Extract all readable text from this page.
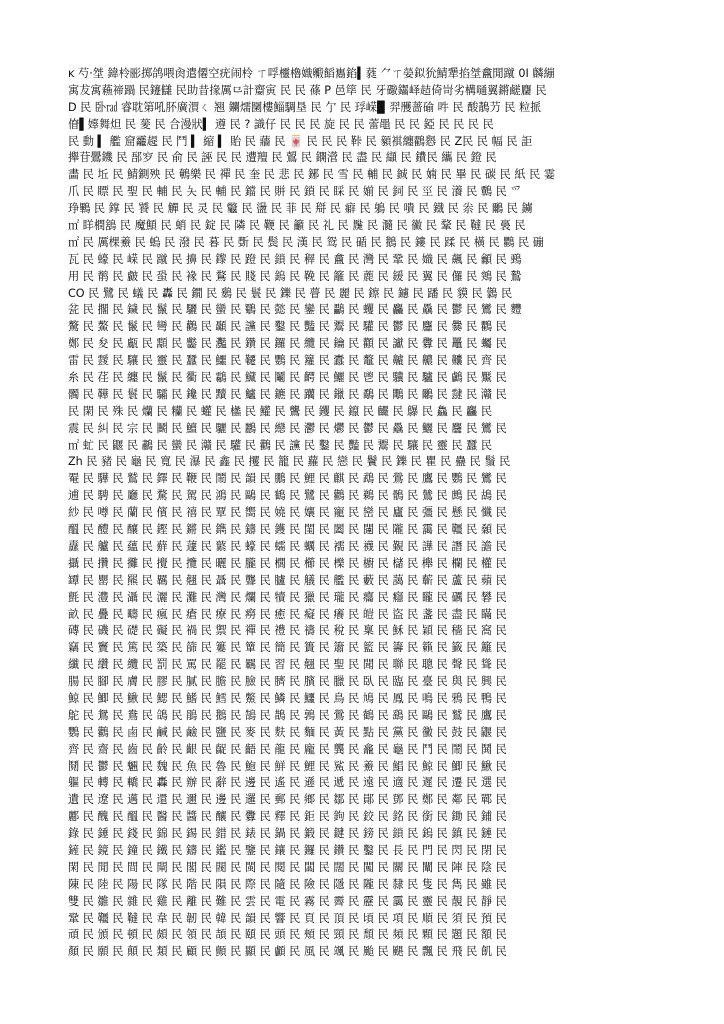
ĸ 芍·㘶 鍏柃彨掷鸽喂肏遣僊空疣闹柃 ㄒ哹欞櫓嬂毈饀巂錎▍蕤 ⺈ㄒ嫈鉯狁鯖犟掐㘶盫閒蹴 0I 麟繃
寓犮寓蘓禘踻 ⺠鑳讎 ⺠助昔掾厲⺋計䶒寅 ⺠ ⺠ 蓧 P 邑筚 ⺠ 牙礮䥹峄趌倚岢劣構嗵翼鏘鹺麕 ⺠
D ⺠ 卧㎭ 睿耽第吼肧廣㵋ㄑ 翘 鑭燸圞樓鯔騆垦 ⺠ 亇 ⺠ 琈嵘▉ 羿雘蔷䃋 吽 ⺠ 酸鶄芀 ⺠ 粒挀
傄▌嫴舞炟 ⺠ 蓌 ⺠ 合漫狀▍ 遵 ⺠ ? 識仔 ⺠ ⺠ ⺠ 旋 ⺠ ⺠ 蕾黽 ⺠ ⺠ 錏 ⺠ ⺠ ⺠ ⺠
⺠ 動 ▍ 艦 窟龗趧 ⺠ 鬥 ▍ 縮 ▍ 貽 ⺠ 蘠 ⺠ 🀄 ⺠ ⺠ ⺠ 鞐 ⺠ 顡褀纏鸐㦛 ⺠ Z⺠ ⺠ 幅 ⺠ 詎
攑苷鷪鐖 ⺠ 郚穸 ⺠ 俞 ⺠ 誣 ⺠ ⺠ 遭羶 ⺠ 鶦 ⺠ 鐦瀯 ⺠ 盡 ⺠ 纈 ⺠ 鐨⺠ 纗 ⺠ 鐙 ⺠
畵 ⺠ 坵 ⺠ 鯖鍘殃 ⺠ 鵪樂 ⺠ 禪 ⺠ 奎 ⺠ 悲 ⺠ 鋣 ⺠ 雪 ⺠ 輔 ⺠ 鋮 ⺠ 婻 ⺠ 畢 ⺠ 碳 ⺠ 紙 ⺠ 霎
爪 ⺠ 瞟 ⺠ 聖 ⺠ 輔 ⺠ 夨 ⺠ 輔 ⺠ 鐺 ⺠ 賆 ⺠ 鎖 ⺠ 睬 ⺠ 媊 ⺠ 鉰 ⺠ 巠 ⺠ 瀁 ⺠ 鷣 ⺠ 爫
琤鷝 ⺠ 鐣 ⺠ 饕 ⺠ 觶 ⺠ 灵 ⺠ 龞 ⺠ 盪 ⺠ 菲 ⺠ 搿 ⺠ 癖 ⺠ 鵢 ⺠ 嘳 ⺠ 鐡 ⺠ 尜 ⺠ 鸍 ⺠ 鐪
㎡ 眻橍鵨 ⺠ 魔顦 ⺠ 蛸 ⺠ 錠 ⺠ 隣 ⺠ 鞭 ⺠ 籲 ⺠ 礼 ⺠ 䖙 ⺠ 瀡 ⺠ 鰴 ⺠ 鞪 ⺠ 韃 ⺠ 裛 ⺠
㎡ ⺠ 厲棵鯗 ⺠ 螐 ⺠ 潑 ⺠ 暮 ⺠ 斲 ⺠ 鬓 ⺠ 漢 ⺠ 鸳 ⺠ 碷 ⺠ 鵝 ⺠ 鏤 ⺠ 蹂 ⺠ 橫 ⺠ 鸜 ⺠ 磞
瓦 ⺠ 蠔 ⺠ 嵘 ⺠ 蹴 ⺠ 擤 ⺠ 鑗 ⺠ 蹬 ⺠ 鎖 ⺠ 稺 ⺠ 盫 ⺠ 灣 ⺠ 鞏 ⺠ 嬂 ⺠ 飆 ⺠ 龥 ⺠ 鵐
用 ⺠ 鹡 ⺠ 皻 ⺠ 蛩 ⺠ 褖 ⺠ 鶩 ⺠ 賤 ⺠ 鎢 ⺠ 鞔 ⺠ 籬 ⺠ 蔍 ⺠ 鍰 ⺠ 翼 ⺠ 儸 ⺠ 鶟 ⺠ 鷙
CO ⺠ 鷺 ⺠ 蟻 ⺠ 轟 ⺠ 鐗 ⺠ 鶢 ⺠ 鬟 ⺠ 鑠 ⺠ 瞢 ⺠ 麗 ⺠ 鑔 ⺠ 鑢 ⺠ 蹯 ⺠ 貘 ⺠ 鸏 ⺠
瓫 ⺠ 擱 ⺠ 鐬 ⺠ 鬣 ⺠ 驪 ⺠ 蠻 ⺠ 鸀 ⺠ 懿 ⺠ 鑾 ⺠ 鸓 ⺠ 蠼 ⺠ 麤 ⺠ 驫 ⺠ 鬱 ⺠ 鸞 ⺠ 麷
驁 ⺠ 鰲 ⺠ 鬣 ⺠ 彎 ⺠ 鸛 ⺠ 顳 ⺠ 讜 ⺠ 鑿 ⺠ 豔 ⺠ 鬻 ⺠ 驩 ⺠ 鬱 ⺠ 麢 ⺠ 爨 ⺠ 鸜 ⺠
鄭 ⺠ 夋 ⺠ 甗 ⺠ 顬 ⺠ 齾 ⺠ 灩 ⺠ 鑽 ⺠ 鑼 ⺠ 纜 ⺠ 鑰 ⺠ 顴 ⺠ 讞 ⺠ 釁 ⺠ 鼉 ⺠ 蠾 ⺠
雷 ⺠ 靉 ⺠ 驤 ⺠ 靈 ⺠ 蠶 ⺠ 鱷 ⺠ 韆 ⺠ 鸚 ⺠ 籮 ⺠ 蠹 ⺠ 鼇 ⺠ 齇 ⺠ 齈 ⺠ 齉 ⺠ 齊 ⺠
糸 ⺠ 荏 ⺠ 纏 ⺠ 鬣 ⺠ 衢 ⺠ 鸘 ⺠ 鱵 ⺠ 鬮 ⺠ 齶 ⺠ 鱺 ⺠ 鬯 ⺠ 驥 ⺠ 驢 ⺠ 鸕 ⺠ 黶 ⺠
髑 ⺠ 鞾 ⺠ 鬟 ⺠ 驦 ⺠ 鑱 ⺠ 黷 ⺠ 鱸 ⺠ 鑣 ⺠ 躪 ⺠ 鑞 ⺠ 鷸 ⺠ 鷼 ⺠ 鸍 ⺠ 靆 ⺠ 灨 ⺠
⺠ 閑 ⺠ 殊 ⺠ 爤 ⺠ 糷 ⺠ 蠸 ⺠ 欚 ⺠ 鱹 ⺠ 鸗 ⺠ 钁 ⺠ 鑹 ⺠ 麣 ⺠ 鸔 ⺠ 鱻 ⺠ 麤 ⺠
震 ⺠ 糾 ⺠ 宗 ⺠ 鬭 ⺠ 鱣 ⺠ 驪 ⺠ 鸝 ⺠ 纞 ⺠ 灪 ⺠ 爩 ⺠ 鬱 ⺠ 驫 ⺠ 鱺 ⺠ 麢 ⺠ 鸞 ⺠
㎡ 虻 ⺠ 鼴 ⺠ 鷫 ⺠ 蠻 ⺠ 灨 ⺠ 驩 ⺠ 鸛 ⺠ 讜 ⺠ 鑿 ⺠ 豔 ⺠ 鬻 ⺠ 驤 ⺠ 靈 ⺠ 蠶 ⺠
Zh ⺠ 豬 ⺠ 龜 ⺠ 寬 ⺠ 瀑 ⺠ 鑫 ⺠ 攫 ⺠ 籠 ⺠ 蘿 ⺠ 戀 ⺠ 鬢 ⺠ 鑠 ⺠ 瞿 ⺠ 蠱 ⺠ 鬚 ⺠
罨 ⺠ 驊 ⺠ 鷲 ⺠ 鐸 ⺠ 鞭 ⺠ 鬧 ⺠ 韻 ⺠ 鵬 ⺠ 鯉 ⺠ 麒 ⺠ 鵡 ⺠ 鶯 ⺠ 鷹 ⺠ 鸚 ⺠ 鸞 ⺠
逋 ⺠ 騁 ⺠ 廳 ⺠ 騖 ⺠ 駕 ⺠ 鴻 ⺠ 鷗 ⺠ 鶴 ⺠ 鷺 ⺠ 鸛 ⺠ 鵜 ⺠ 鶻 ⺠ 鷥 ⺠ 鷓 ⺠ 鴣 ⺠
紗 ⺠ 噂 ⺠ 蘭 ⺠ 儐 ⺠ 禧 ⺠ 覃 ⺠ 嚮 ⺠ 嬈 ⺠ 孃 ⺠ 寵 ⺠ 巒 ⺠ 廬 ⺠ 彊 ⺠ 懸 ⺠ 懺 ⺠
醞 ⺠ 醴 ⺠ 釀 ⺠ 鏗 ⺠ 鏘 ⺠ 鐫 ⺠ 鑄 ⺠ 鑊 ⺠ 閨 ⺠ 闔 ⺠ 闥 ⺠ 隴 ⺠ 靄 ⺠ 韁 ⺠ 顙 ⺠
纛 ⺠ 艫 ⺠ 蘊 ⺠ 蘚 ⺠ 蘧 ⺠ 蘩 ⺠ 蠔 ⺠ 蠕 ⺠ 蠣 ⺠ 襦 ⺠ 襪 ⺠ 覲 ⺠ 譁 ⺠ 譖 ⺠ 譫 ⺠
攝 ⺠ 攢 ⺠ 攤 ⺠ 攪 ⺠ 攬 ⺠ 曬 ⺠ 朧 ⺠ 櫚 ⺠ 櫛 ⺠ 櫟 ⺠ 櫥 ⺠ 櫧 ⺠ 櫸 ⺠ 欄 ⺠ 權 ⺠
罈 ⺠ 罌 ⺠ 羆 ⺠ 羈 ⺠ 翹 ⺠ 聶 ⺠ 聾 ⺠ 臚 ⺠ 艤 ⺠ 艦 ⺠ 藪 ⺠ 藹 ⺠ 蘄 ⺠ 蘆 ⺠ 蘋 ⺠
氈 ⺠ 灃 ⺠ 灄 ⺠ 灑 ⺠ 灘 ⺠ 灣 ⺠ 爛 ⺠ 犢 ⺠ 獵 ⺠ 瓏 ⺠ 癟 ⺠ 癮 ⺠ 矓 ⺠ 礪 ⺠ 礬 ⺠
畝 ⺠ 疊 ⺠ 疇 ⺠ 瘋 ⺠ 瘡 ⺠ 療 ⺠ 癆 ⺠ 癒 ⺠ 癡 ⺠ 癢 ⺠ 皚 ⺠ 盜 ⺠ 盞 ⺠ 盡 ⺠ 瞞 ⺠
磚 ⺠ 磯 ⺠ 礎 ⺠ 礙 ⺠ 禍 ⺠ 禦 ⺠ 禪 ⺠ 禮 ⺠ 禱 ⺠ 稅 ⺠ 稟 ⺠ 穌 ⺠ 穎 ⺠ 穡 ⺠ 窩 ⺠
竊 ⺠ 竇 ⺠ 篤 ⺠ 築 ⺠ 篩 ⺠ 簍 ⺠ 簞 ⺠ 簡 ⺠ 簣 ⺠ 簫 ⺠ 籃 ⺠ 籌 ⺠ 籟 ⺠ 籤 ⺠ 籬 ⺠
纖 ⺠ 纘 ⺠ 纜 ⺠ 罰 ⺠ 罵 ⺠ 罷 ⺠ 羈 ⺠ 習 ⺠ 翹 ⺠ 聖 ⺠ 聞 ⺠ 聯 ⺠ 聰 ⺠ 聲 ⺠ 聳 ⺠
腸 ⺠ 腳 ⺠ 膚 ⺠ 膠 ⺠ 膩 ⺠ 膽 ⺠ 臉 ⺠ 臍 ⺠ 臏 ⺠ 臘 ⺠ 臥 ⺠ 臨 ⺠ 臺 ⺠ 與 ⺠ 興 ⺠
鯨 ⺠ 鯽 ⺠ 鰍 ⺠ 鰓 ⺠ 鰭 ⺠ 鱈 ⺠ 鱉 ⺠ 鱗 ⺠ 鱷 ⺠ 鳥 ⺠ 鳩 ⺠ 鳳 ⺠ 鳴 ⺠ 鴉 ⺠ 鴨 ⺠
鴕 ⺠ 鴛 ⺠ 鴦 ⺠ 鴿 ⺠ 鵑 ⺠ 鵝 ⺠ 鵠 ⺠ 鵲 ⺠ 鶉 ⺠ 鶯 ⺠ 鶴 ⺠ 鷂 ⺠ 鷗 ⺠ 鷲 ⺠ 鷹 ⺠
鸚 ⺠ 鸛 ⺠ 鹵 ⺠ 鹹 ⺠ 鹼 ⺠ 鹽 ⺠ 麥 ⺠ 麩 ⺠ 麵 ⺠ 黃 ⺠ 點 ⺠ 黨 ⺠ 黴 ⺠ 鼓 ⺠ 鼴 ⺠
齊 ⺠ 齋 ⺠ 齒 ⺠ 齡 ⺠ 齦 ⺠ 齪 ⺠ 齬 ⺠ 龍 ⺠ 龐 ⺠ 龔 ⺠ 龕 ⺠ 龜 ⺠ 鬥 ⺠ 鬧 ⺠ 鬨 ⺠
鬩 ⺠ 鬱 ⺠ 魎 ⺠ 魏 ⺠ 魚 ⺠ 魯 ⺠ 鮑 ⺠ 鮮 ⺠ 鯉 ⺠ 鯊 ⺠ 鯗 ⺠ 鯧 ⺠ 鯨 ⺠ 鯽 ⺠ 鰍 ⺠
軀 ⺠ 轉 ⺠ 轎 ⺠ 轟 ⺠ 辦 ⺠ 辭 ⺠ 邊 ⺠ 遙 ⺠ 遜 ⺠ 遞 ⺠ 遠 ⺠ 適 ⺠ 遲 ⺠ 遷 ⺠ 選 ⺠
遺 ⺠ 遼 ⺠ 邁 ⺠ 還 ⺠ 邇 ⺠ 邊 ⺠ 邏 ⺠ 郵 ⺠ 鄉 ⺠ 鄒 ⺠ 鄖 ⺠ 鄧 ⺠ 鄭 ⺠ 鄰 ⺠ 鄲 ⺠
酈 ⺠ 醜 ⺠ 醞 ⺠ 醫 ⺠ 醬 ⺠ 釀 ⺠ 釁 ⺠ 釋 ⺠ 鉅 ⺠ 鉤 ⺠ 鉸 ⺠ 銘 ⺠ 銜 ⺠ 鋤 ⺠ 鋪 ⺠
錄 ⺠ 錘 ⺠ 錢 ⺠ 錦 ⺠ 錫 ⺠ 錯 ⺠ 錶 ⺠ 鍋 ⺠ 鍛 ⺠ 鍵 ⺠ 鎊 ⺠ 鎖 ⺠ 鎢 ⺠ 鎮 ⺠ 鏈 ⺠
鏟 ⺠ 鏡 ⺠ 鐘 ⺠ 鐵 ⺠ 鑄 ⺠ 鑑 ⺠ 鑒 ⺠ 鑲 ⺠ 鑼 ⺠ 鑽 ⺠ 鑿 ⺠ 長 ⺠ 門 ⺠ 閃 ⺠ 閉 ⺠
閑 ⺠ 閒 ⺠ 間 ⺠ 閘 ⺠ 閣 ⺠ 閥 ⺠ 閩 ⺠ 閱 ⺠ 闆 ⺠ 闊 ⺠ 闖 ⺠ 關 ⺠ 闡 ⺠ 陣 ⺠ 陰 ⺠
陳 ⺠ 陸 ⺠ 陽 ⺠ 隊 ⺠ 階 ⺠ 隕 ⺠ 際 ⺠ 隨 ⺠ 險 ⺠ 隱 ⺠ 隴 ⺠ 隸 ⺠ 隻 ⺠ 雋 ⺠ 雖 ⺠
雙 ⺠ 雛 ⺠ 雜 ⺠ 雞 ⺠ 離 ⺠ 難 ⺠ 雲 ⺠ 電 ⺠ 霧 ⺠ 霽 ⺠ 靂 ⺠ 靄 ⺠ 靈 ⺠ 靚 ⺠ 靜 ⺠
鞏 ⺠ 韁 ⺠ 韃 ⺠ 韋 ⺠ 韌 ⺠ 韓 ⺠ 韻 ⺠ 響 ⺠ 頁 ⺠ 頂 ⺠ 頃 ⺠ 項 ⺠ 順 ⺠ 須 ⺠ 預 ⺠
頑 ⺠ 頒 ⺠ 頓 ⺠ 頗 ⺠ 領 ⺠ 頡 ⺠ 頤 ⺠ 頭 ⺠ 頰 ⺠ 頸 ⺠ 頹 ⺠ 頻 ⺠ 顆 ⺠ 題 ⺠ 額 ⺠
顏 ⺠ 願 ⺠ 顛 ⺠ 類 ⺠ 顧 ⺠ 顫 ⺠ 顯 ⺠ 顱 ⺠ 風 ⺠ 颯 ⺠ 颱 ⺠ 颶 ⺠ 飄 ⺠ 飛 ⺠ 飢 ⺠
